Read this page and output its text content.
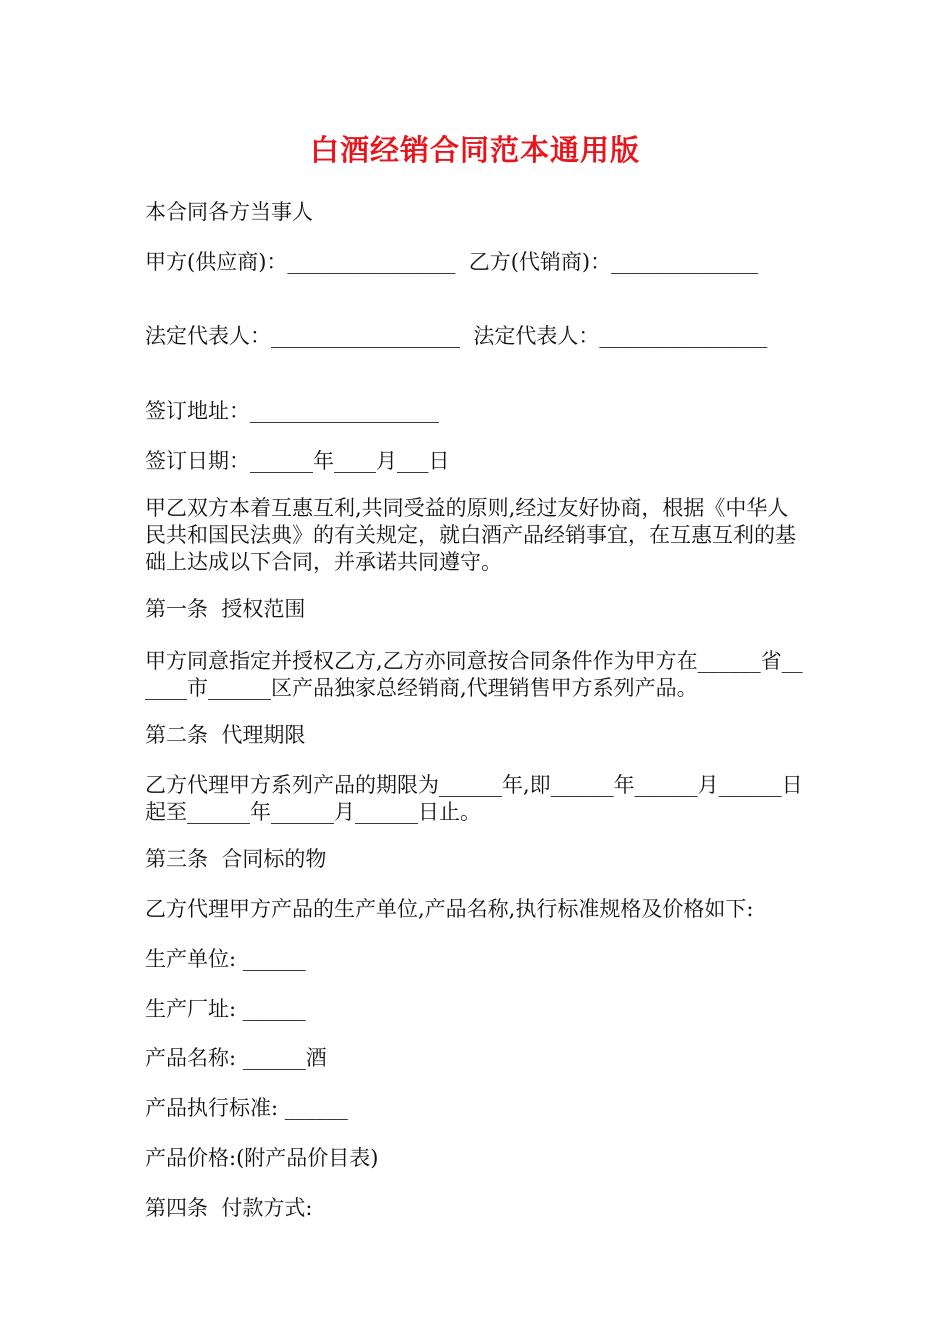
白酒经销合同范本通用版
本合同各方当事人
甲方(供应商)：________________  乙方(代销商)：______________
法定代表人：__________________  法定代表人：________________
签订地址：__________________
签订日期：______年____月___日
甲乙双方本着互惠互利,共同受益的原则,经过友好协商，根据《中华人民共和国民法典》的有关规定，就白酒产品经销事宜，在互惠互利的基础上达成以下合同，并承诺共同遵守。
第一条  授权范围
甲方同意指定并授权乙方,乙方亦同意按合同条件作为甲方在______省______市______区产品独家总经销商,代理销售甲方系列产品。
第二条  代理期限
乙方代理甲方系列产品的期限为______年,即______年______月______日起至______年______月______日止。
第三条  合同标的物
乙方代理甲方产品的生产单位,产品名称,执行标准规格及价格如下:
生产单位: ______
生产厂址: ______
产品名称: ______酒
产品执行标准: ______
产品价格:(附产品价目表)
第四条  付款方式:
